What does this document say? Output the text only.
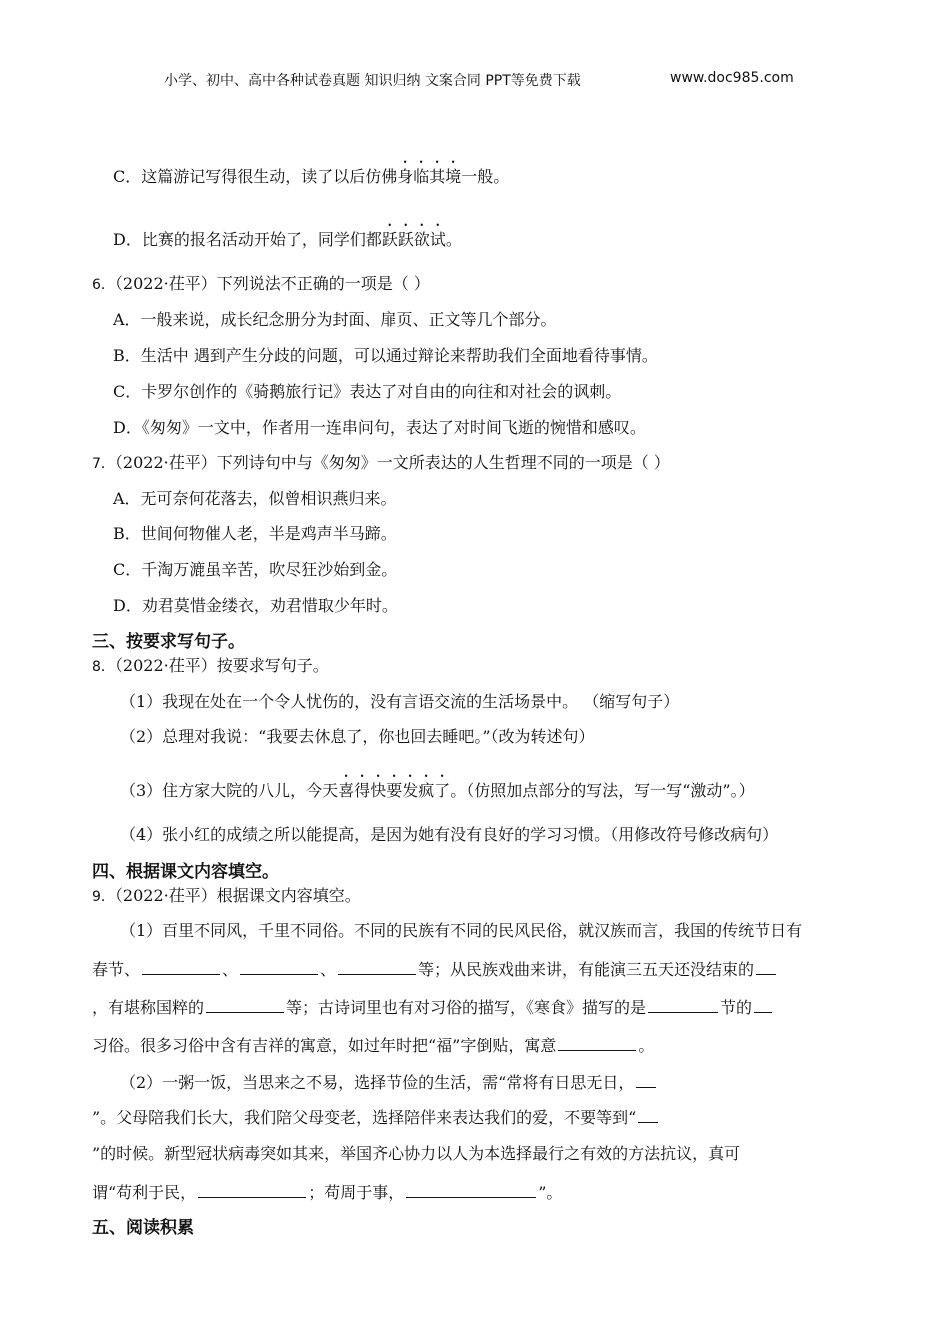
小学、初中、高中各种试卷真题 知识归纳 文案合同 PPT等免费下载	www.doc985.com
C．这篇游记写得很生动，读了以后仿佛身临其境一般。
D．比赛的报名活动开始了，同学们都跃跃欲试。
6．（2022·茌平）下列说法不正确的一项是（ ）
A．一般来说，成长纪念册分为封面、扉页、正文等几个部分。
B．生活中 遇到产生分歧的问题，可以通过辩论来帮助我们全面地看待事情。
C．卡罗尔创作的《骑鹅旅行记》表达了对自由的向往和对社会的讽刺。
D．《匆匆》一文中，作者用一连串问句，表达了对时间飞逝的惋惜和感叹。
7．（2022·茌平）下列诗句中与《匆匆》一文所表达的人生哲理不同的一项是（ ）
A．无可奈何花落去，似曾相识燕归来。
B．世间何物催人老，半是鸡声半马蹄。
C．千淘万漉虽辛苦，吹尽狂沙始到金。
D．劝君莫惜金缕衣，劝君惜取少年时。
三、按要求写句子。
8．（2022·茌平）按要求写句子。
（1）我现在处在一个令人忧伤的，没有言语交流的生活场景中。 （缩写句子）
（2）总理对我说：“我要去休息了，你也回去睡吧。”（改为转述句）
（3）住方家大院的八儿，今天喜得快要发疯了。（仿照加点部分的写法，写一写“激动”。）
（4）张小红的成绩之所以能提高，是因为她有没有良好的学习习惯。（用修改符号修改病句）
四、根据课文内容填空。
9．（2022·茌平）根据课文内容填空。
（1）百里不同风，千里不同俗。不同的民族有不同的民风民俗，就汉族而言，我国的传统节日有
春节、	、	、	等；从民族戏曲来讲，有能演三五天还没结束的
，有堪称国粹的	等；古诗词里也有对习俗的描写，《寒食》描写的是	节的
习俗。很多习俗中含有吉祥的寓意，如过年时把“福”字倒贴，寓意	。
（2）一粥一饭，当思来之不易，选择节俭的生活，需“常将有日思无日，
”。父母陪我们长大，我们陪父母变老，选择陪伴来表达我们的爱，不要等到“
”的时候。新型冠状病毒突如其来，举国齐心协力以人为本选择最行之有效的方法抗议，真可
谓“苟利于民，	；苟周于事，	”。
五、阅读积累
